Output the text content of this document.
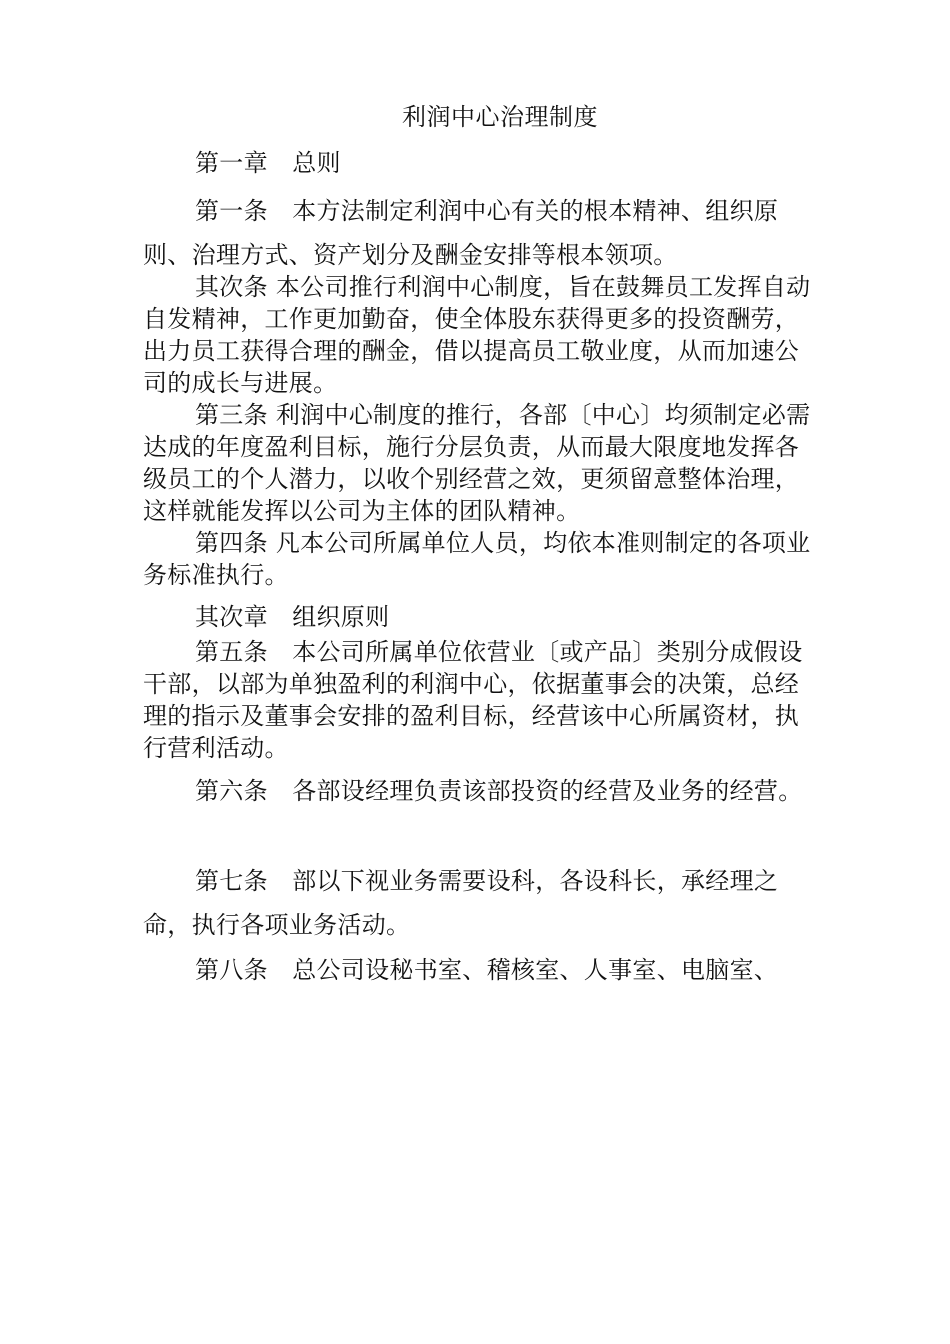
利润中心治理制度
第一章　总则

第一条　本方法制定利润中心有关的根本精神、组织原则、治理方式、资产划分及酬金安排等根本领项。

其次条 本公司推行利润中心制度，旨在鼓舞员工发挥自动自发精神，工作更加勤奋，使全体股东获得更多的投资酬劳，出力员工获得合理的酬金，借以提高员工敬业度，从而加速公司的成长与进展。

第三条 利润中心制度的推行，各部〔中心〕均须制定必需达成的年度盈利目标，施行分层负责，从而最大限度地发挥各级员工的个人潜力，以收个别经营之效，更须留意整体治理，这样就能发挥以公司为主体的团队精神。

第四条 凡本公司所属单位人员，均依本准则制定的各项业务标准执行。

其次章　组织原则

第五条　本公司所属单位依营业〔或产品〕类别分成假设干部，以部为单独盈利的利润中心，依据董事会的决策，总经理的指示及董事会安排的盈利目标，经营该中心所属资材，执行营利活动。

第六条　各部设经理负责该部投资的经营及业务的经营。

第七条　部以下视业务需要设科，各设科长，承经理之命，执行各项业务活动。

第八条　总公司设秘书室、稽核室、人事室、电脑室、
